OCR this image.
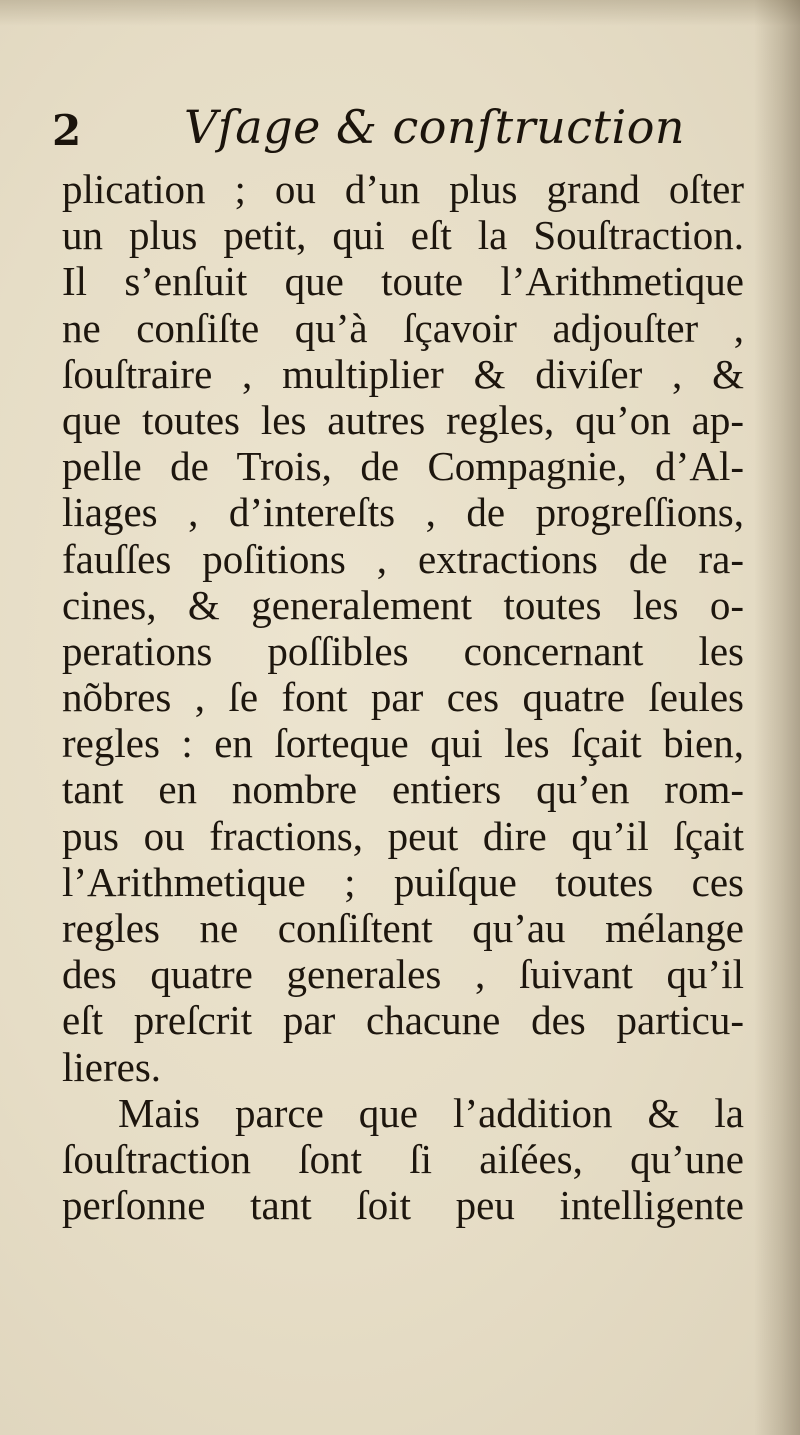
2 Vſage & conſtruction
plication ; ou d’un plus grand oſter
un plus petit, qui eſt la Souſtraction.
Il s’enſuit que toute l’Arithmetique
ne conſiſte qu’à ſçavoir adjouſter ,
ſouſtraire , multiplier & diviſer , &
que toutes les autres regles, qu’on ap-
pelle de Trois, de Compagnie, d’Al-
liages , d’intereſts , de progreſſions,
fauſſes poſitions , extractions de ra-
cines, & generalement toutes les o-
perations poſſibles concernant les
nõbres , ſe font par ces quatre ſeules
regles : en ſorteque qui les ſçait bien,
tant en nombre entiers qu’en rom-
pus ou fractions, peut dire qu’il ſçait
l’Arithmetique ; puiſque toutes ces
regles ne conſiſtent qu’au mélange
des quatre generales , ſuivant qu’il
eſt preſcrit par chacune des particu-
lieres.
Mais parce que l’addition & la
ſouſtraction ſont ſi aiſées, qu’une
perſonne tant ſoit peu intelligente
